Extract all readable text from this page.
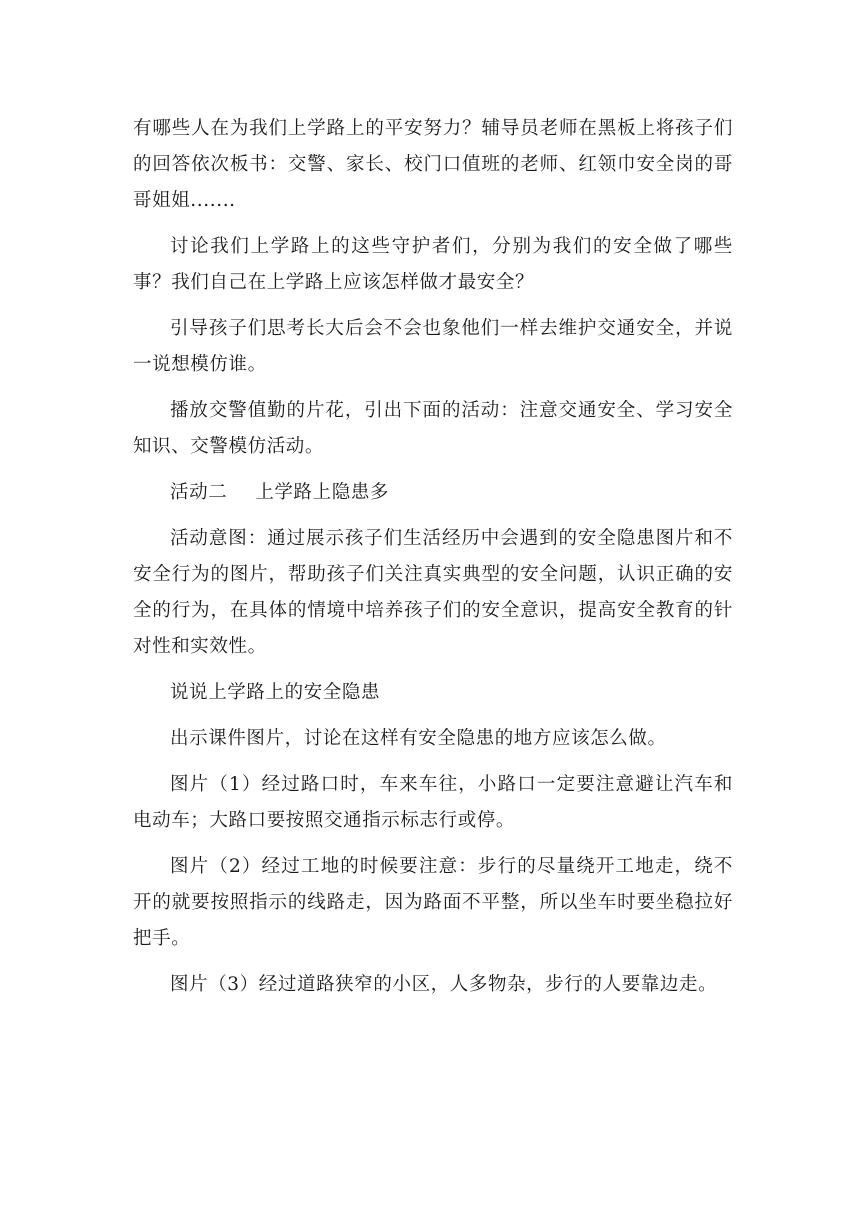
有哪些人在为我们上学路上的平安努力？辅导员老师在黑板上将孩子们的回答依次板书：交警、家长、校门口值班的老师、红领巾安全岗的哥哥姐姐.......

讨论我们上学路上的这些守护者们，分别为我们的安全做了哪些事？我们自己在上学路上应该怎样做才最安全？

引导孩子们思考长大后会不会也象他们一样去维护交通安全，并说一说想模仿谁。

播放交警值勤的片花，引出下面的活动：注意交通安全、学习安全知识、交警模仿活动。

活动二 上学路上隐患多

活动意图：通过展示孩子们生活经历中会遇到的安全隐患图片和不安全行为的图片，帮助孩子们关注真实典型的安全问题，认识正确的安全的行为，在具体的情境中培养孩子们的安全意识，提高安全教育的针对性和实效性。

说说上学路上的安全隐患

出示课件图片，讨论在这样有安全隐患的地方应该怎么做。

图片（1）经过路口时，车来车往，小路口一定要注意避让汽车和电动车；大路口要按照交通指示标志行或停。

图片（2）经过工地的时候要注意：步行的尽量绕开工地走，绕不开的就要按照指示的线路走，因为路面不平整，所以坐车时要坐稳拉好把手。

图片（3）经过道路狭窄的小区，人多物杂，步行的人要靠边走。
